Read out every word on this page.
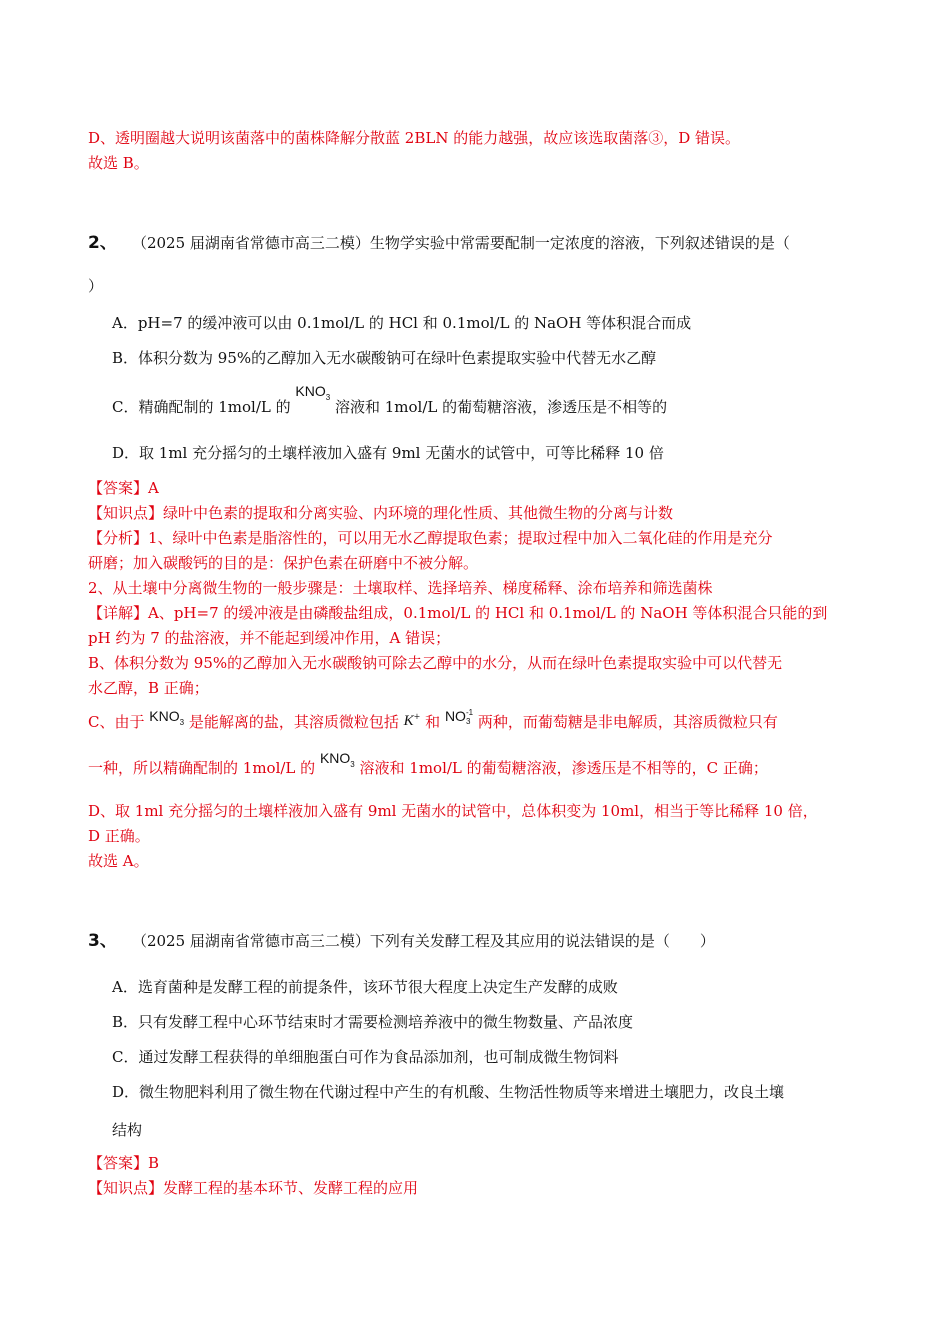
D、透明圈越大说明该菌落中的菌株降解分散蓝 2BLN 的能力越强，故应该选取菌落③，D 错误。
故选 B。
2、 （2025 届湖南省常德市高三二模）生物学实验中常需要配制一定浓度的溶液，下列叙述错误的是（
）
A．pH=7 的缓冲液可以由 0.1mol/L 的 HCl 和 0.1mol/L 的 NaOH 等体积混合而成
B．体积分数为 95%的乙醇加入无水碳酸钠可在绿叶色素提取实验中代替无水乙醇
C．精确配制的 1mol/L 的 $KNO_3$ 溶液和 1mol/L 的葡萄糖溶液，渗透压是不相等的
D．取 1ml 充分摇匀的土壤样液加入盛有 9ml 无菌水的试管中，可等比稀释 10 倍
【答案】A
【知识点】绿叶中色素的提取和分离实验、内环境的理化性质、其他微生物的分离与计数
【分析】1、绿叶中色素是脂溶性的，可以用无水乙醇提取色素；提取过程中加入二氧化硅的作用是充分
研磨；加入碳酸钙的目的是：保护色素在研磨中不被分解。
2、从土壤中分离微生物的一般步骤是：土壤取样、选择培养、梯度稀释、涂布培养和筛选菌株
【详解】A、pH=7 的缓冲液是由磷酸盐组成，0.1mol/L 的 HCl 和 0.1mol/L 的 NaOH 等体积混合只能的到
pH 约为 7 的盐溶液，并不能起到缓冲作用，A 错误；
B、体积分数为 95%的乙醇加入无水碳酸钠可除去乙醇中的水分，从而在绿叶色素提取实验中可以代替无
水乙醇，B 正确；
C、由于 $KNO_3$ 是能解离的盐，其溶质微粒包括 K+ 和 NO -1
3 两种，而葡萄糖是非电解质，其溶质微粒只有
一种，所以精确配制的 1mol/L 的 $KNO_3$ 溶液和 1mol/L 的葡萄糖溶液，渗透压是不相等的，C 正确；
D、取 1ml 充分摇匀的土壤样液加入盛有 9ml 无菌水的试管中，总体积变为 10ml，相当于等比稀释 10 倍，
D 正确。
故选 A。
3、 （2025 届湖南省常德市高三二模）下列有关发酵工程及其应用的说法错误的是（　　）
A．选育菌种是发酵工程的前提条件，该环节很大程度上决定生产发酵的成败
B．只有发酵工程中心环节结束时才需要检测培养液中的微生物数量、产品浓度
C．通过发酵工程获得的单细胞蛋白可作为食品添加剂，也可制成微生物饲料
D．微生物肥料利用了微生物在代谢过程中产生的有机酸、生物活性物质等来增进土壤肥力，改良土壤
结构
【答案】B
【知识点】发酵工程的基本环节、发酵工程的应用
